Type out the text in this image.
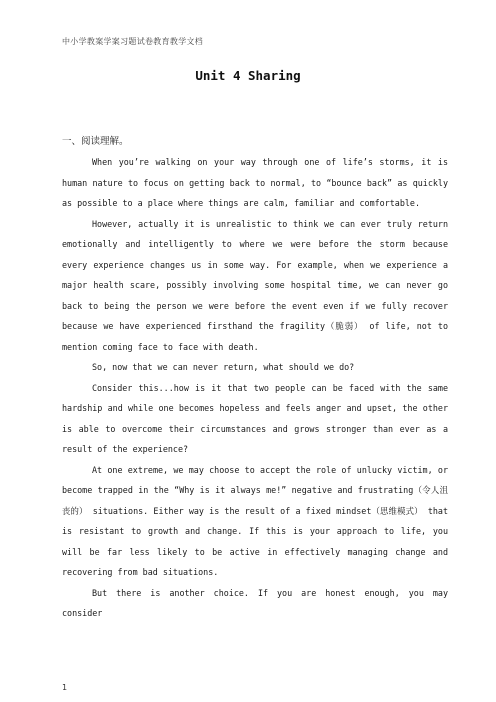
中小学教案学案习题试卷教育教学文档
Unit 4 Sharing
一、阅读理解。

When you’re walking on your way through one of life’s storms, it is human nature to focus on getting back to normal, to “bounce back” as quickly as possible to a place where things are calm, familiar and comfortable.

However, actually it is unrealistic to think we can ever truly return emotionally and intelligently to where we were before the storm because every experience changes us in some way. For example, when we experience a major health scare, possibly involving some hospital time, we can never go back to being the person we were before the event even if we fully recover because we have experienced firsthand the fragility（脆弱） of life, not to mention coming face to face with death.

So, now that we can never return, what should we do?

Consider this...how is it that two people can be faced with the same hardship and while one becomes hopeless and feels anger and upset, the other is able to overcome their circumstances and grows stronger than ever as a result of the experience?

At one extreme, we may choose to accept the role of unlucky victim, or become trapped in the “Why is it always me!” negative and frustrating（令人沮丧的） situations. Either way is the result of a fixed mindset（思维模式） that is resistant to growth and change. If this is your approach to life, you will be far less likely to be active in effectively managing change and recovering from bad situations.

But there is another choice. If you are honest enough, you may consider

1
